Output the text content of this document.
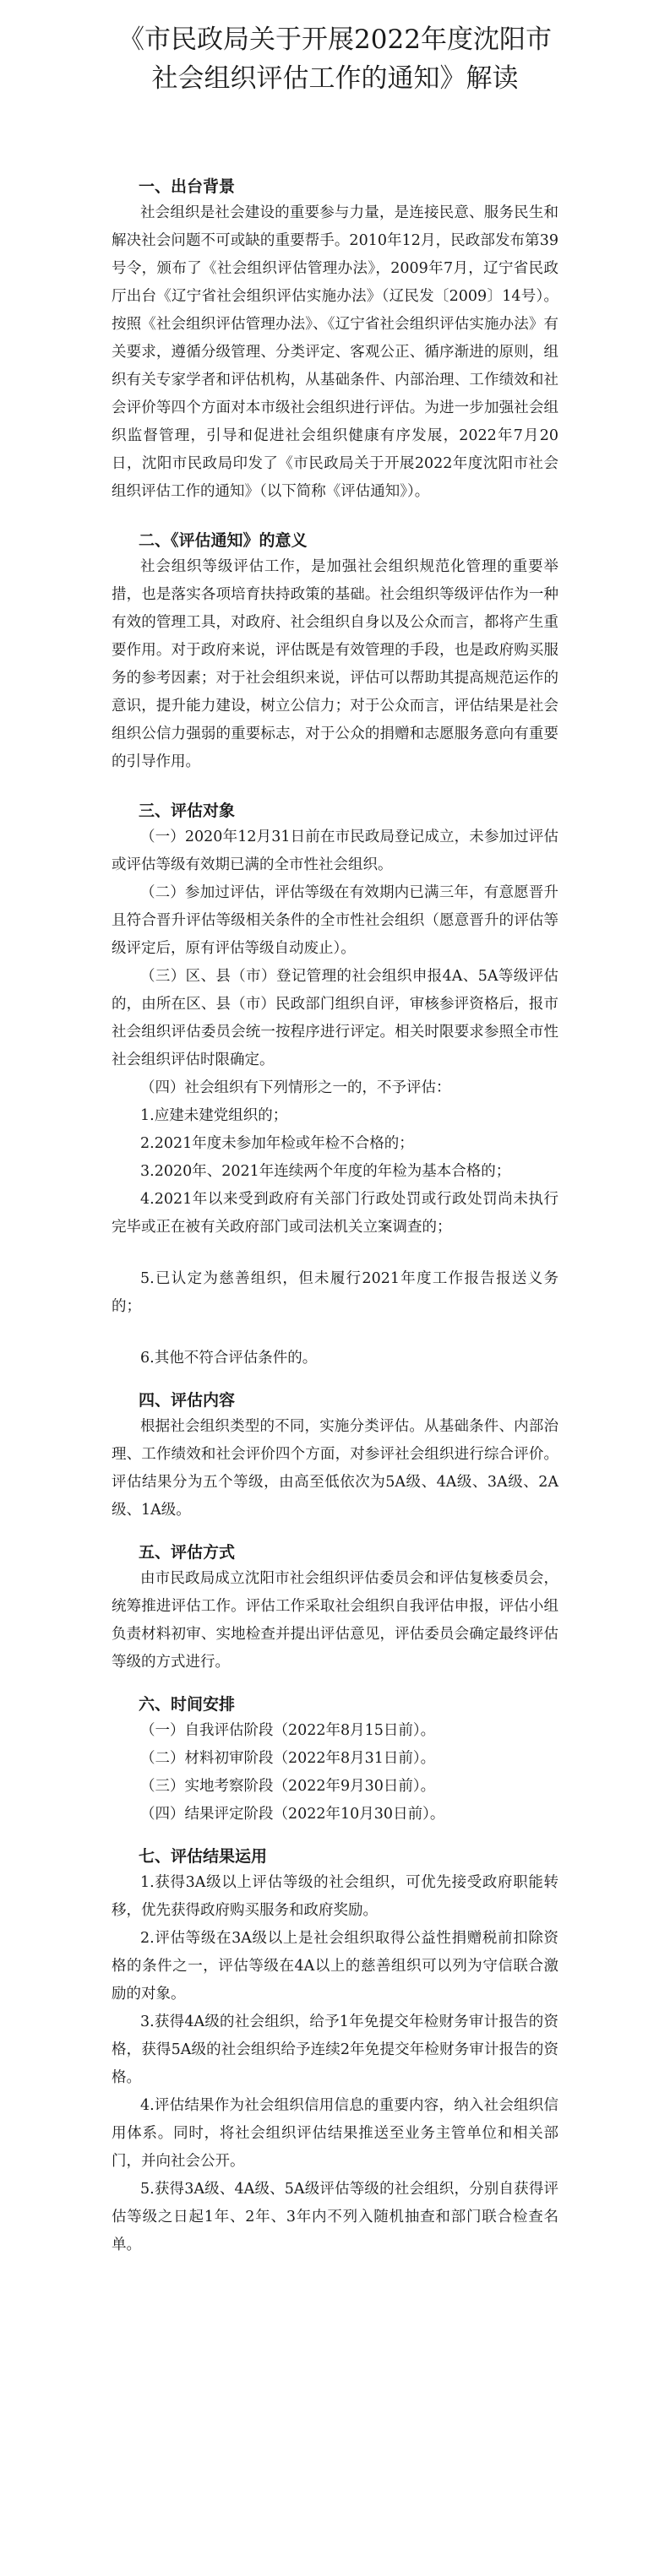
《市民政局关于开展2022年度沈阳市社会组织评估工作的通知》解读
一、出台背景

社会组织是社会建设的重要参与力量，是连接民意、服务民生和解决社会问题不可或缺的重要帮手。2010年12月，民政部发布第39号令，颁布了《社会组织评估管理办法》，2009年7月，辽宁省民政厅出台《辽宁省社会组织评估实施办法》（辽民发〔2009〕14号）。按照《社会组织评估管理办法》、《辽宁省社会组织评估实施办法》有关要求，遵循分级管理、分类评定、客观公正、循序渐进的原则，组织有关专家学者和评估机构，从基础条件、内部治理、工作绩效和社会评价等四个方面对本市级社会组织进行评估。为进一步加强社会组织监督管理，引导和促进社会组织健康有序发展，2022年7月20日，沈阳市民政局印发了《市民政局关于开展2022年度沈阳市社会组织评估工作的通知》（以下简称《评估通知》）。

二、《评估通知》的意义

社会组织等级评估工作，是加强社会组织规范化管理的重要举措，也是落实各项培育扶持政策的基础。社会组织等级评估作为一种有效的管理工具，对政府、社会组织自身以及公众而言，都将产生重要作用。对于政府来说，评估既是有效管理的手段，也是政府购买服务的参考因素；对于社会组织来说，评估可以帮助其提高规范运作的意识，提升能力建设，树立公信力；对于公众而言，评估结果是社会组织公信力强弱的重要标志，对于公众的捐赠和志愿服务意向有重要的引导作用。

三、评估对象

（一）2020年12月31日前在市民政局登记成立，未参加过评估或评估等级有效期已满的全市性社会组织。

（二）参加过评估，评估等级在有效期内已满三年，有意愿晋升且符合晋升评估等级相关条件的全市性社会组织（愿意晋升的评估等级评定后，原有评估等级自动废止）。

（三）区、县（市）登记管理的社会组织申报4A、5A等级评估的，由所在区、县（市）民政部门组织自评，审核参评资格后，报市社会组织评估委员会统一按程序进行评定。相关时限要求参照全市性社会组织评估时限确定。

（四）社会组织有下列情形之一的，不予评估：

1.应建未建党组织的；

2.2021年度未参加年检或年检不合格的；

3.2020年、2021年连续两个年度的年检为基本合格的；

4.2021年以来受到政府有关部门行政处罚或行政处罚尚未执行完毕或正在被有关政府部门或司法机关立案调查的；

5.已认定为慈善组织，但未履行2021年度工作报告报送义务的；

6.其他不符合评估条件的。

四、评估内容

根据社会组织类型的不同，实施分类评估。从基础条件、内部治理、工作绩效和社会评价四个方面，对参评社会组织进行综合评价。评估结果分为五个等级，由高至低依次为5A级、4A级、3A级、2A级、1A级。

五、评估方式

由市民政局成立沈阳市社会组织评估委员会和评估复核委员会，统筹推进评估工作。评估工作采取社会组织自我评估申报，评估小组负责材料初审、实地检查并提出评估意见，评估委员会确定最终评估等级的方式进行。

六、时间安排

（一）自我评估阶段（2022年8月15日前）。

（二）材料初审阶段（2022年8月31日前）。

（三）实地考察阶段（2022年9月30日前）。

（四）结果评定阶段（2022年10月30日前）。

七、评估结果运用

1.获得3A级以上评估等级的社会组织，可优先接受政府职能转移，优先获得政府购买服务和政府奖励。

2.评估等级在3A级以上是社会组织取得公益性捐赠税前扣除资格的条件之一，评估等级在4A以上的慈善组织可以列为守信联合激励的对象。

3.获得4A级的社会组织，给予1年免提交年检财务审计报告的资格，获得5A级的社会组织给予连续2年免提交年检财务审计报告的资格。

4.评估结果作为社会组织信用信息的重要内容，纳入社会组织信用体系。同时，将社会组织评估结果推送至业务主管单位和相关部门，并向社会公开。

5.获得3A级、4A级、5A级评估等级的社会组织，分别自获得评估等级之日起1年、2年、3年内不列入随机抽查和部门联合检查名单。
